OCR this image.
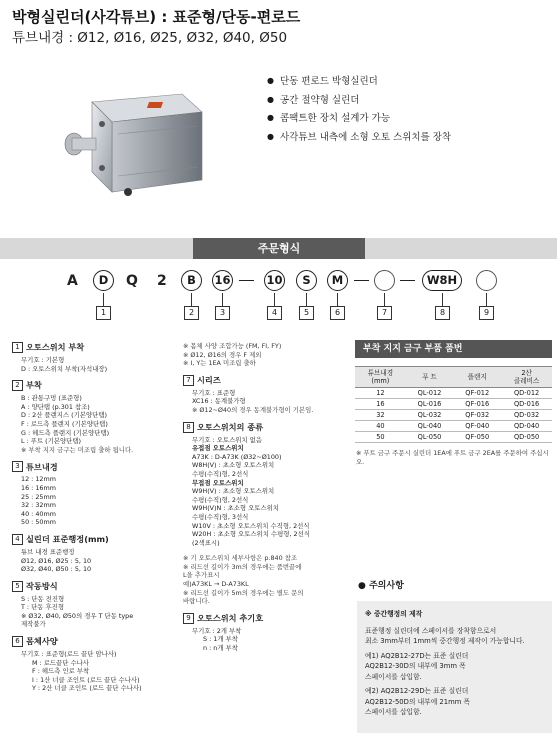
박형실린더(사각튜브) : 표준형/단동-편로드
튜브내경 : Ø12, Ø16, Ø25, Ø32, Ø40, Ø50
● 단동 편로드 박형실린더
● 공간 절약형 실린더
● 콤팩트한 장치 설계가 가능
● 사각튜브 내측에 소형 오토 스위치를 장착
주문형식
A	D	Q 2	B	16	10	S	M	W8H
1	2	3	4	5	6	7	8	9
1 오토스위치 부착
무기호 : 기본형
D : 오토스위치 부착(자석내장)
2 부착
B : 관통구멍 (표준형)
A : 양단탭 (p.301 참조)
D : 2산 플랜지스 (기본양단탭)
F : 로드측 플랜지 (기본양단탭)
G : 헤드측 플랜지 (기본양단탭)
L : 푸트 (기본양단탭)
※ 부착 지지 금구는 미조립 출하 됩니다.
3 튜브내경
12 : 12mm
16 : 16mm
25 : 25mm
32 : 32mm
40 : 40mm
50 : 50mm
4 실린더 표준행정(mm)
튜브 내경 표준행정
Ø12, Ø16, Ø25 : 5, 10
Ø32, Ø40, Ø50 : 5, 10
5 작동방식
S : 단동 전진형
T : 단동 후진형
※ Ø32, Ø40, Ø50의 경우 T 단동 type
제작불가
6 몸체사양
무기호 : 표준형(로드 끝단 암나사)
M : 로드끝단 수나사
F : 헤드측 인로 부착
I : 1산 너클 조인트 (로드 끝단 수나사)
Y : 2산 너클 조인트 (로드 끝단 수나사)
※ 몸체 사양 조합가능 (FM, FI, FY)
※ Ø12, Ø16의 경우 F 제외
※ I, Y는 1EA 미조립 출하
7 시리즈
무기호 : 표준형
XC16 : 동계불가형
※ Ø12~Ø40의 경우 동계불가형이 기본임.
8 오토스위치의 종류
무기호 : 오토스위치 없음
유접점 오토스위치
A73K : D-A73K (Ø32~Ø100)
W8H(V) : 초소형 오토스위치
수평(수직)형, 2선식
무접점 오토스위치
W9H(V) : 초소형 오토스위치
수평(수직)형, 2선식
W9H(V)N : 초소형 오토스위치
수평(수직)형, 3선식
W10V : 초소형 오토스위치 수직형, 2선식
W20H : 초소형 오토스위치 수평형, 2선식
(2색표시)
※ 기 오토스위치 세부사항은 p.840 참조
※ 리드선 길이가 3m의 경우에는 품번끝에
L을 추가표시
예)A73KL → D-A73KL
※ 리드선 길이가 5m의 경우에는 별도 문의
바랍니다.
9 오토스위치 추기호
무기호 : 2개 부착
S : 1개 부착
n : n개 부착
부착 지지 금구 부품 품번
튜브내경
(mm)	푸 트	플랜지	2산
클레비스
12	QL-012	QF-012	QD-012
16	QL-016	QF-016	QD-016
32	QL-032	QF-032	QD-032
40	QL-040	QF-040	QD-040
50	QL-050	QF-050	QD-050
※ 푸트 금구 주문시 실린더 1EA에 푸트 금구 2EA를 주문하여 주십시오.
● 주의사항
※ 중간행정의 제작
표준행정 실린더에 스페이서를 장착함으로서
최소 3mm부터 1mm씩 중간행정 제작이 가능합니다.
예1) AQ2B12-27D는 표준 실린더
AQ2B12-30D의 내부에 3mm 폭
스페이서를 삽입함.
예2) AQ2B12-29D는 표준 실린더
AQ2B12-50D의 내부에 21mm 폭
스페이서를 삽입함.
